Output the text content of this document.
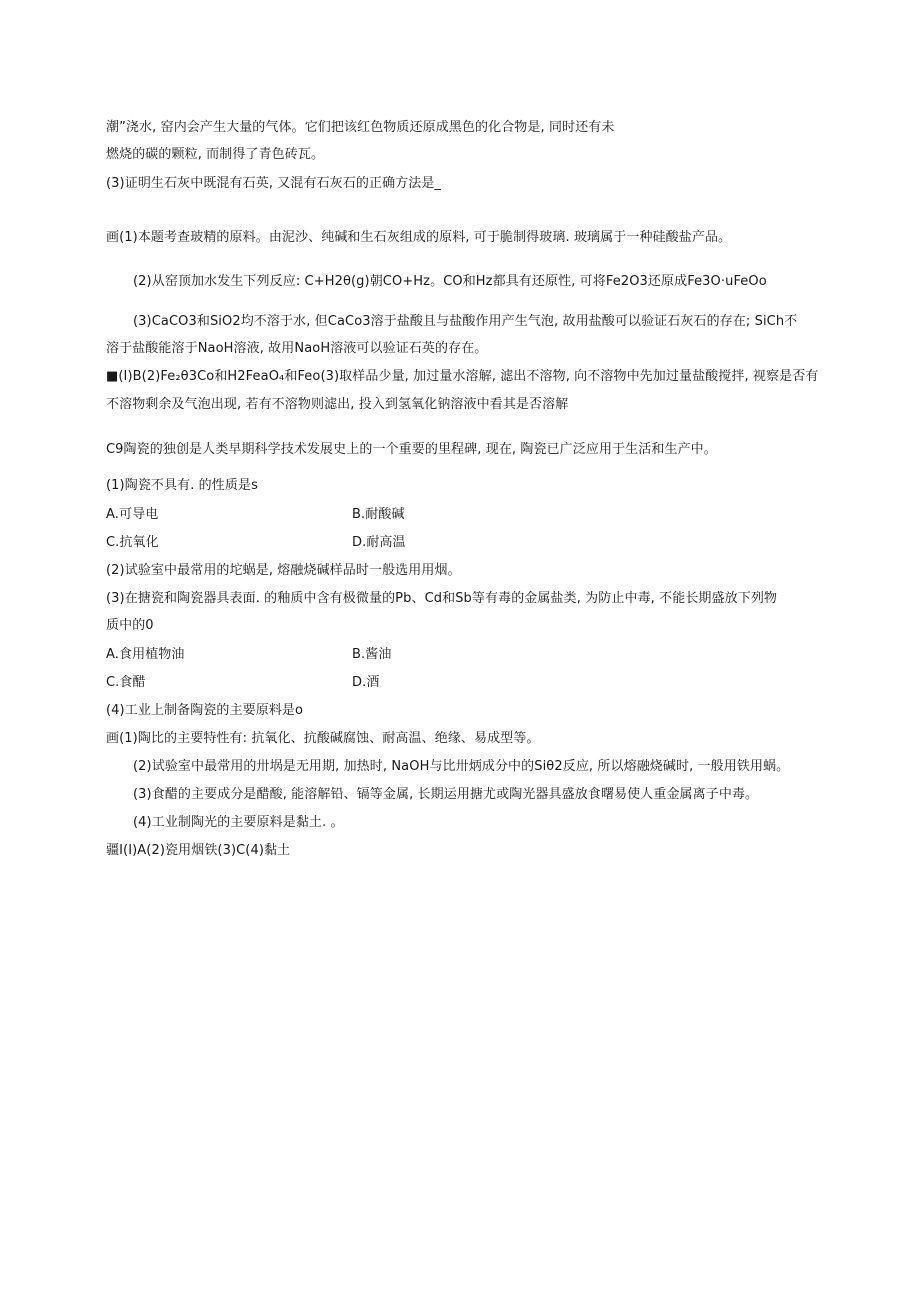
潮”浇水, 窑内会产生大量的气体。它们把该红色物质还原成黑色的化合物是, 同时还有未
燃烧的碳的颗粒, 而制得了青色砖瓦。
(3)证明生石灰中既混有石英, 又混有石灰石的正确方法是_
画(1)本题考查玻精的原料。由泥沙、纯碱和生石灰组成的原料, 可于脆制得玻璃. 玻璃属于一种硅酸盐产品。
(2)从窑顶加水发生下列反应: C+H2θ(g)朝CO+Hz。CO和Hz都具有还原性, 可将Fe2O3还原成Fe3O·uFeOo
(3)CaCO3和SiO2均不溶于水, 但CaCo3溶于盐酸且与盐酸作用产生气泡, 故用盐酸可以验证石灰石的存在; SiCh不
溶于盐酸能溶于NaoH溶液, 故用NaoH溶液可以验证石英的存在。
■(I)B(2)Fe₂θ3Co和H2FeaO₄和Feo(3)取样品少量, 加过量水溶解, 滤出不溶物, 向不溶物中先加过量盐酸搅拌, 视察是否有
不溶物剩余及气泡出现, 若有不溶物则滤出, 投入到氢氧化钠溶液中看其是否溶解
C9陶瓷的独创是人类早期科学技术发展史上的一个重要的里程碑, 现在, 陶瓷已广泛应用于生活和生产中。
(1)陶瓷不具有. 的性质是s
A.可导电	B.耐酸碱
C.抗氧化	D.耐高温
(2)试验室中最常用的坨蜗是, 熔融烧碱样品时一般选用用烟。
(3)在搪瓷和陶瓷器具表面. 的釉质中含有极微量的Pb、Cd和Sb等有毒的金属盐类, 为防止中毒, 不能长期盛放下列物
质中的0
A.食用植物油	B.酱油
C.食醋	D.酒
(4)工业上制备陶瓷的主要原料是o
画(1)陶比的主要特性有: 抗氧化、抗酸碱腐蚀、耐高温、绝缘、易成型等。
(2)试验室中最常用的卅埚是无用期, 加热时, NaOH与比卅炳成分中的Siθ2反应, 所以熔融烧碱时, 一般用铁用蜗。
(3)食醋的主要成分是醋酸, 能溶解铅、镉等金属, 长期运用搪尤或陶光器具盛放食曙易使人重金属离子中毒。
(4)工业制陶光的主要原料是黏土. 。
疆I(I)A(2)瓷用烟铁(3)C(4)黏土
